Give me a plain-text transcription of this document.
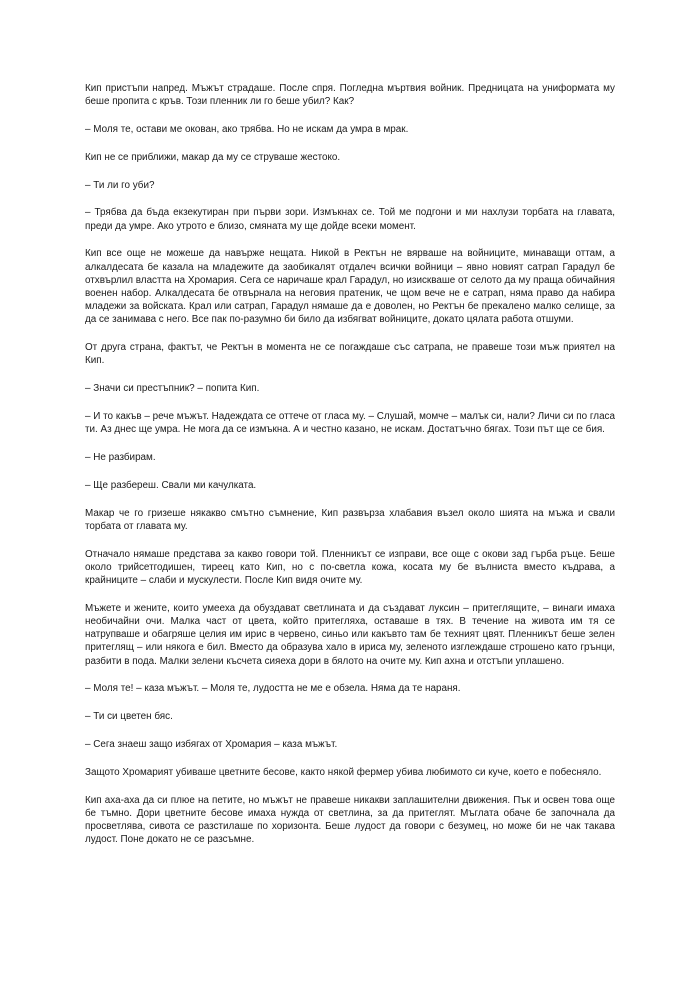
Кип пристъпи напред. Мъжът страдаше. После спря. Погледна мъртвия войник. Предницата на униформата му беше пропита с кръв. Този пленник ли го беше убил? Как?

– Моля те, остави ме окован, ако трябва. Но не искам да умра в мрак.

Кип не се приближи, макар да му се струваше жестоко.

– Ти ли го уби?

– Трябва да бъда екзекутиран при първи зори. Измъкнах се. Той ме подгони и ми нахлузи торбата на главата, преди да умре. Ако утрото е близо, смяната му ще дойде всеки момент.

Кип все още не можеше да навърже нещата. Никой в Ректън не вярваше на войниците, минаващи оттам, а алкалдесата бе казала на младежите да заобикалят отдалеч всички войници – явно новият сатрап Гарадул бе отхвърлил властта на Хромария. Сега се наричаше крал Гарадул, но изискваше от селото да му праща обичайния военен набор. Алкалдесата бе отвърнала на неговия пратеник, че щом вече не е сатрап, няма право да набира младежи за войската. Крал или сатрап, Гарадул нямаше да е доволен, но Ректън бе прекалено малко селище, за да се занимава с него. Все пак по-разумно би било да избягват войниците, докато цялата работа отшуми.

От друга страна, фактът, че Ректън в момента не се погаждаше със сатрапа, не правеше този мъж приятел на Кип.

– Значи си престъпник? – попита Кип.

– И то какъв – рече мъжът. Надеждата се оттече от гласа му. – Слушай, момче – малък си, нали? Личи си по гласа ти. Аз днес ще умра. Не мога да се измъкна. А и честно казано, не искам. Достатъчно бягах. Този път ще се бия.

– Не разбирам.

– Ще разбереш. Свали ми качулката.

Макар че го гризеше някакво смътно съмнение, Кип развърза хлабавия възел около шията на мъжа и свали торбата от главата му.

Отначало нямаше представа за какво говори той. Пленникът се изправи, все още с окови зад гърба ръце. Беше около трийсетгодишен, тиреец като Кип, но с по-светла кожа, косата му бе вълниста вместо къдрава, а крайниците – слаби и мускулести. После Кип видя очите му.

Мъжете и жените, които умееха да обуздават светлината и да създават луксин – притеглящите, – винаги имаха необичайни очи. Малка част от цвета, който притегляха, оставаше в тях. В течение на живота им тя се натрупваше и обагряше целия им ирис в червено, синьо или какъвто там бе техният цвят. Пленникът беше зелен притеглящ – или някога е бил. Вместо да образува хало в ириса му, зеленото изглеждаше строшено като грънци, разбити в пода. Малки зелени късчета сияеха дори в бялото на очите му. Кип ахна и отстъпи уплашено.

– Моля те! – каза мъжът. – Моля те, лудостта не ме е обзела. Няма да те нараня.

– Ти си цветен бяс.

– Сега знаеш защо избягах от Хромария – каза мъжът.

Защото Хромарият убиваше цветните бесове, както някой фермер убива любимото си куче, което е побесняло.

Кип аха-аха да си плюе на петите, но мъжът не правеше никакви заплашителни движения. Пък и освен това още бе тъмно. Дори цветните бесове имаха нужда от светлина, за да притеглят. Мъглата обаче бе започнала да просветлява, сивота се разстилаше по хоризонта. Беше лудост да говори с безумец, но може би не чак такава лудост. Поне докато не се разсъмне.
